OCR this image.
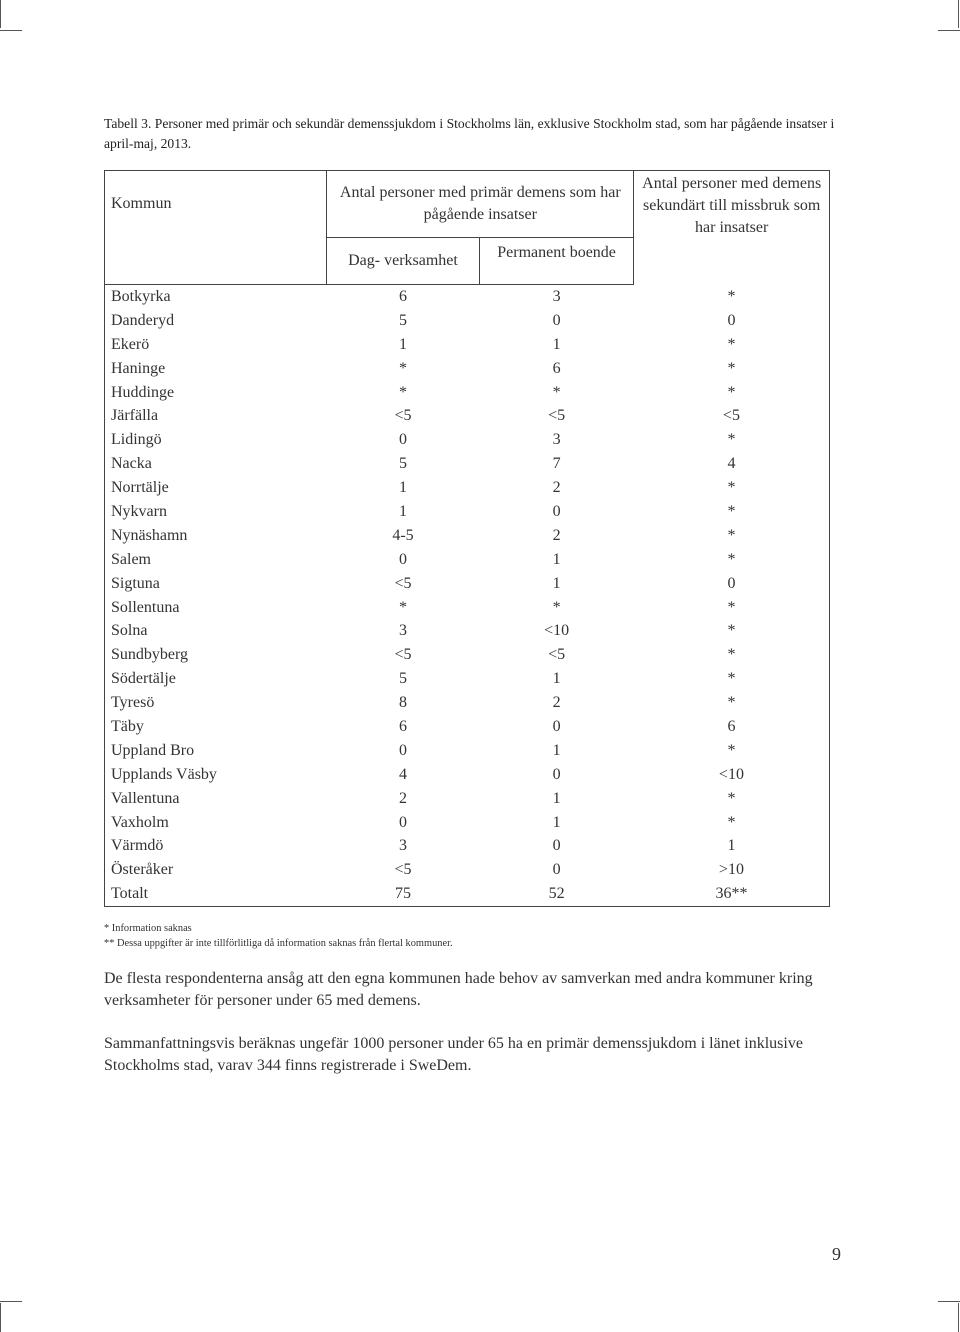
Tabell 3. Personer med primär och sekundär demenssjukdom i Stockholms län, exklusive Stockholm stad, som har pågående insatser i april-maj, 2013.
Kommun	Antal personer med primär demens som har pågående insatser		Antal personer med demens sekundärt till missbruk som har insatser
	Dag- verksamhet	Permanent boende	
Botkyrka	6	3	*
Danderyd	5	0	0
Ekerö	1	1	*
Haninge	*	6	*
Huddinge	*	*	*
Järfälla	<5	<5	<5
Lidingö	0	3	*
Nacka	5	7	4
Norrtälje	1	2	*
Nykvarn	1	0	*
Nynäshamn	4-5	2	*
Salem	0	1	*
Sigtuna	<5	1	0
Sollentuna	*	*	*
Solna	3	<10	*
Sundbyberg	<5	<5	*
Södertälje	5	1	*
Tyresö	8	2	*
Täby	6	0	6
Uppland Bro	0	1	*
Upplands Väsby	4	0	<10
Vallentuna	2	1	*
Vaxholm	0	1	*
Värmdö	3	0	1
Österåker	<5	0	>10
Totalt	75	52	36**
* Information saknas
** Dessa uppgifter är inte tillförlitliga då information saknas från flertal kommuner.
De flesta respondenterna ansåg att den egna kommunen hade behov av samverkan med andra kommuner kring verksamheter för personer under 65 med demens.
Sammanfattningsvis beräknas ungefär 1000 personer under 65 ha en primär demenssjukdom i länet inklusive Stockholms stad, varav 344 finns registrerade i SweDem.
9
